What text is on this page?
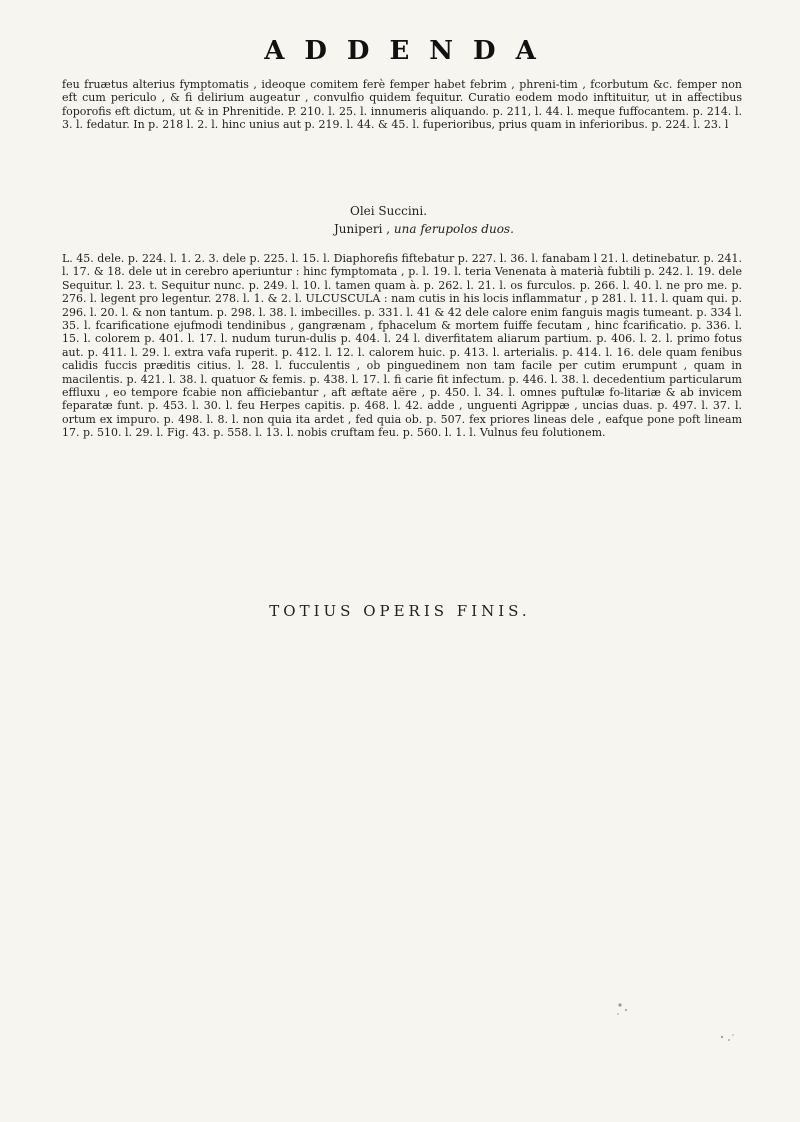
ADDENDA

feu fruætus alterius fymptomatis , ideoque comitem ferè femper habet febrim , phreni-tim , fcorbutum &c. femper non eft cum periculo , & fi delirium augeatur , convulfio quidem fequitur. Curatio eodem modo inftituitur, ut in affectibus foporofis eft dictum, ut & in Phrenitide. P. 210. l. 25. l. innumeris aliquando. p. 211, l. 44. l. meque fuffocantem. p. 214. l. 3. l. fedatur. In p. 218 l. 2. l. hinc unius aut p. 219. l. 44. & 45. l. fuperioribus, prius quam in inferioribus. p. 224. l. 23. l

Olei Succini.
Juniperi , una ferupolos duos.

L. 45. dele. p. 224. l. 1. 2. 3. dele p. 225. l. 15. l. Diaphorefis fiftebatur p. 227. l. 36. l. fanabam l 21. l. detinebatur. p. 241. l. 17. & 18. dele ut in cerebro aperiuntur : hinc fymptomata , p. l. 19. l. teria Venenata à materià fubtili p. 242. l. 19. dele Sequitur. l. 23. t. Sequitur nunc. p. 249. l. 10. l. tamen quam à. p. 262. l. 21. l. os furculos. p. 266. l. 40. l. ne pro me. p. 276. l. legent pro legentur. 278. l. 1. & 2. l. ULCUSCULA : nam cutis in his locis inflammatur , p 281. l. 11. l. quam qui. p. 296. l. 20. l. & non tantum. p. 298. l. 38. l. imbecilles. p. 331. l. 41 & 42 dele calore enim fanguis magis tumeant. p. 334 l. 35. l. fcarificatione ejufmodi tendinibus , gangrænam , fphacelum & mortem fuiffe fecutam , hinc fcarificatio. p. 336. l. 15. l. colorem p. 401. l. 17. l. nudum turun-dulis p. 404. l. 24 l. diverfitatem aliarum partium. p. 406. l. 2. l. primo fotus aut. p. 411. l. 29. l. extra vafa ruperit. p. 412. l. 12. l. calorem huic. p. 413. l. arterialis. p. 414. l. 16. dele quam fenibus calidis fuccis præditis citius. l. 28. l. fucculentis , ob pinguedinem non tam facile per cutim erumpunt , quam in macilentis. p. 421. l. 38. l. quatuor & femis. p. 438. l. 17. l. fi carie fit infectum. p. 446. l. 38. l. decedentium particularum effluxu , eo tempore fcabie non afficiebantur , aft æftate aëre , p. 450. l. 34. l. omnes puftulæ fo-litariæ & ab invicem feparatæ funt. p. 453. l. 30. l. feu Herpes capitis. p. 468. l. 42. adde , unguenti Agrippæ , uncias duas. p. 497. l. 37. l. ortum ex impuro. p. 498. l. 8. l. non quia ita ardet , fed quia ob. p. 507. fex priores lineas dele , eafque pone poft lineam 17. p. 510. l. 29. l. Fig. 43. p. 558. l. 13. l. nobis cruftam feu. p. 560. l. 1. l. Vulnus feu folutionem.

TOTIUS OPERIS FINIS.
